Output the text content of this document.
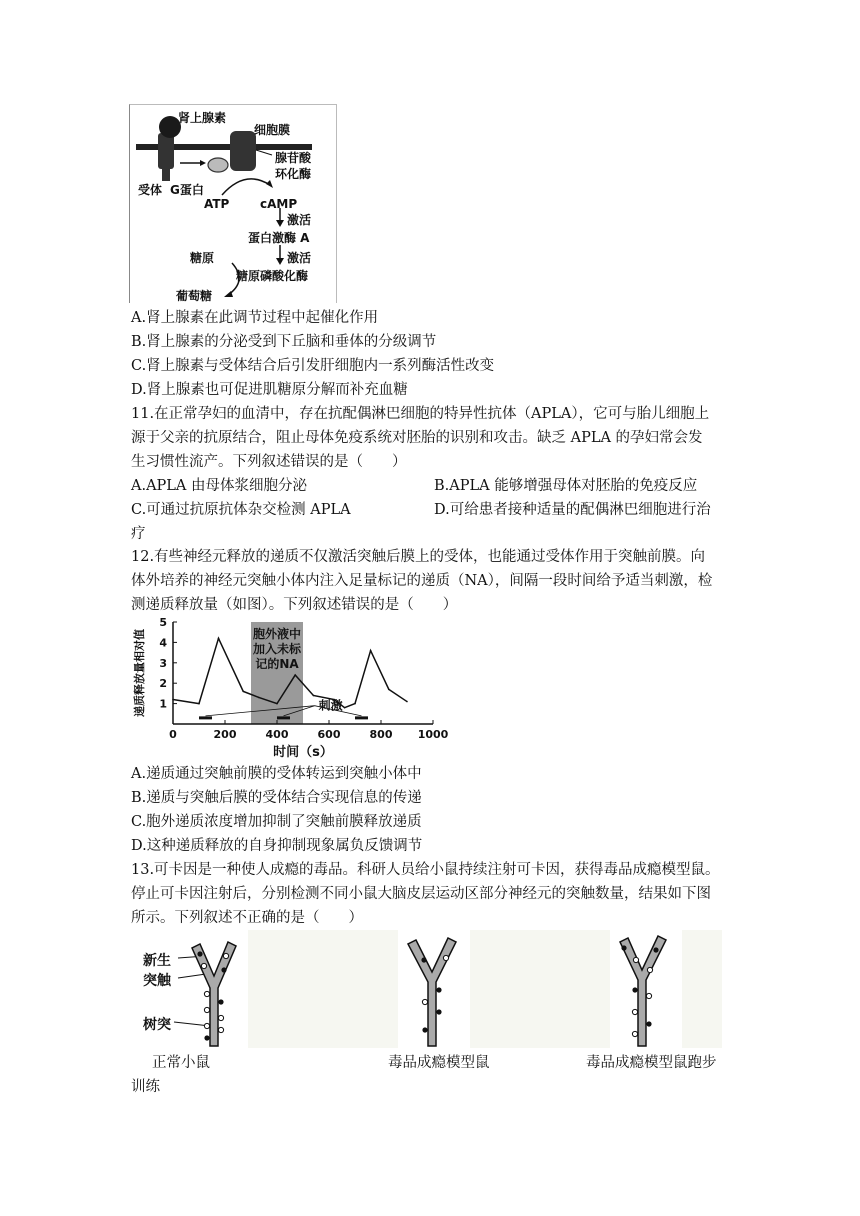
肾上腺素
细胞膜
腺苷酸
环化酶
受体 G蛋白
ATP	cAMP
激活
蛋白激酶 A
糖原	激活
糖原磷酸化酶
葡萄糖
A.肾上腺素在此调节过程中起催化作用
B.肾上腺素的分泌受到下丘脑和垂体的分级调节
C.肾上腺素与受体结合后引发肝细胞内一系列酶活性改变
D.肾上腺素也可促进肌糖原分解而补充血糖
11.在正常孕妇的血清中，存在抗配偶淋巴细胞的特异性抗体（APLA），它可与胎儿细胞上
源于父亲的抗原结合，阻止母体免疫系统对胚胎的识别和攻击。缺乏 APLA 的孕妇常会发
生习惯性流产。下列叙述错误的是（　　）
A.APLA 由母体浆细胞分泌	B.APLA 能够增强母体对胚胎的免疫反应
C.可通过抗原抗体杂交检测 APLA	D.可给患者接种适量的配偶淋巴细胞进行治
疗
12.有些神经元释放的递质不仅激活突触后膜上的受体，也能通过受体作用于突触前膜。向
体外培养的神经元突触小体内注入足量标记的递质（NA），间隔一段时间给予适当刺激，检
测递质释放量（如图）。下列叙述错误的是（　　）
胞外液中
加入未标
记的NA
1
2
3
4
5
0	200	400	600	800 1000
刺激
时间（s）
递质释放量相对值
A.递质通过突触前膜的受体转运到突触小体中
B.递质与突触后膜的受体结合实现信息的传递
C.胞外递质浓度增加抑制了突触前膜释放递质
D.这种递质释放的自身抑制现象属负反馈调节
13.可卡因是一种使人成瘾的毒品。科研人员给小鼠持续注射可卡因，获得毒品成瘾模型鼠。
停止可卡因注射后，分别检测不同小鼠大脑皮层运动区部分神经元的突触数量，结果如下图
所示。下列叙述不正确的是（　　）
新生
突触
树突
正常小鼠	毒品成瘾模型鼠	毒品成瘾模型鼠跑步
训练
